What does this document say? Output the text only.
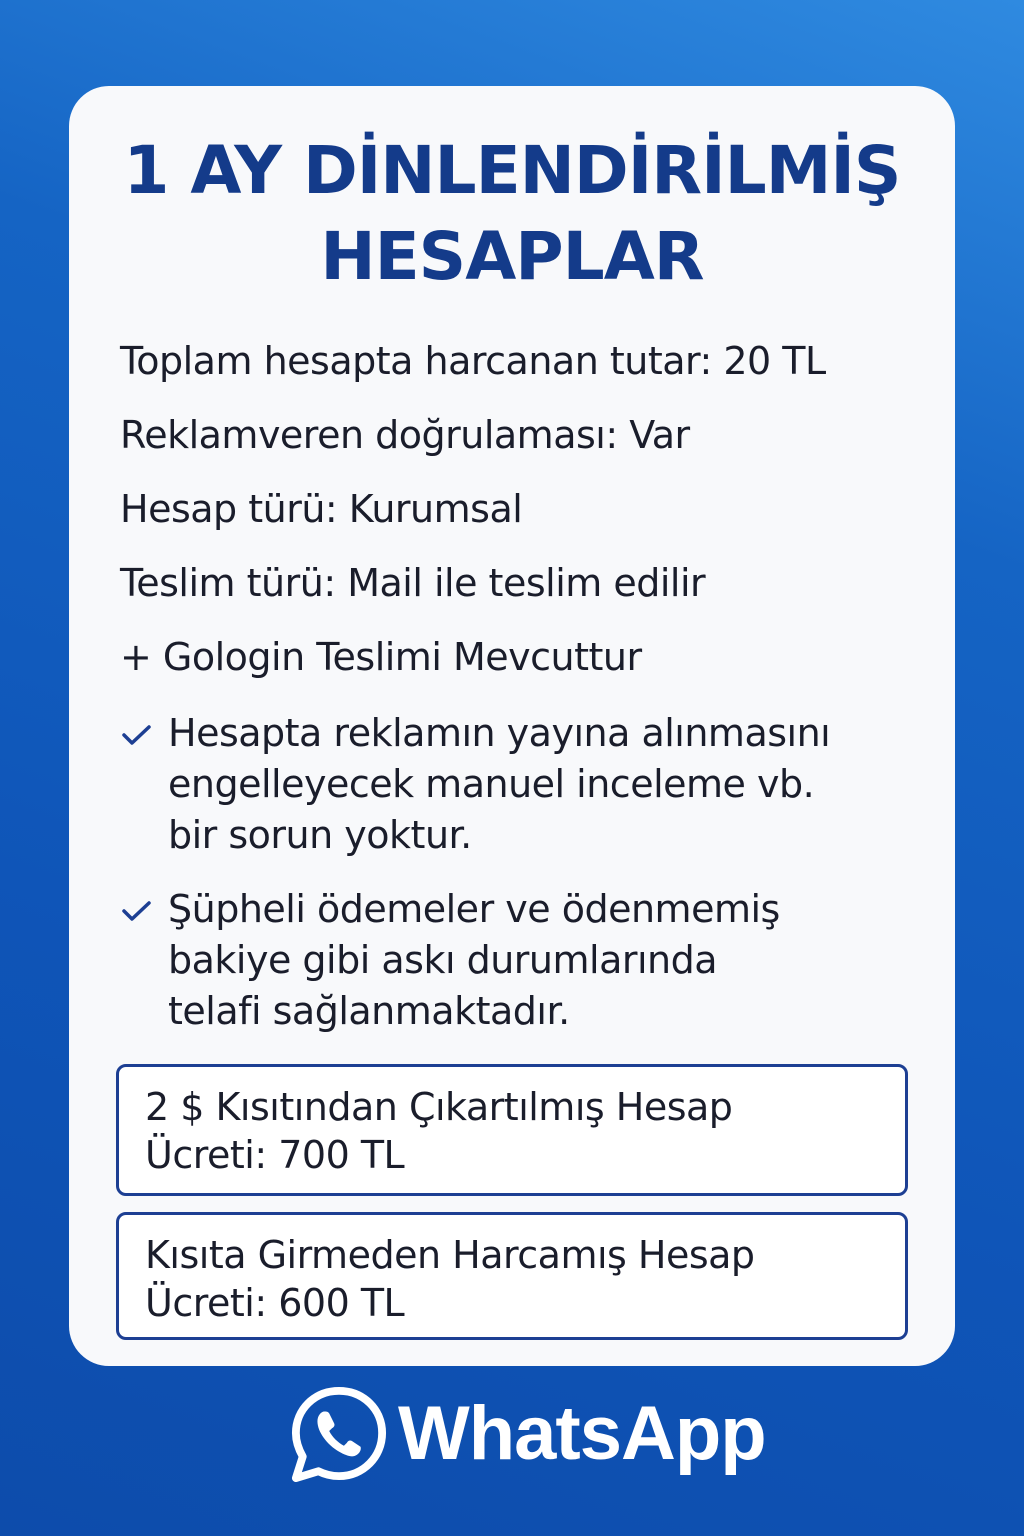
1 AY DİNLENDİRİLMİŞ
HESAPLAR
Toplam hesapta harcanan tutar: 20 TL
Reklamveren doğrulaması: Var
Hesap türü: Kurumsal
Teslim türü: Mail ile teslim edilir
+ Gologin Teslimi Mevcuttur
Hesapta reklamın yayına alınmasını
engelleyecek manuel inceleme vb.
bir sorun yoktur.
Şüpheli ödemeler ve ödenmemiş
bakiye gibi askı durumlarında
telafi sağlanmaktadır.
2 $ Kısıtından Çıkartılmış Hesap
Ücreti: 700 TL
Kısıta Girmeden Harcamış Hesap
Ücreti: 600 TL
WhatsApp
